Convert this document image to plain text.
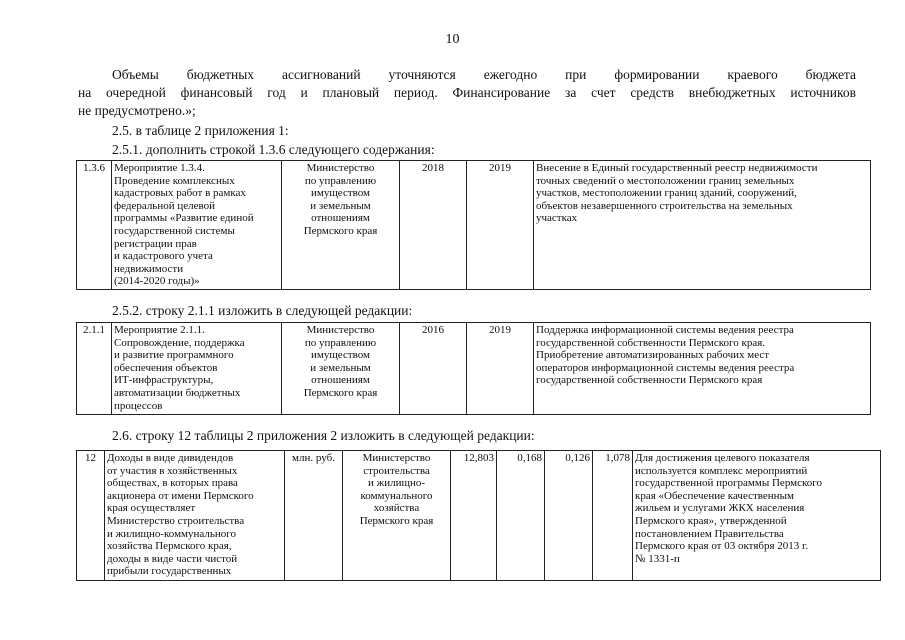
10
Объемы бюджетных ассигнований уточняются ежегодно при формировании краевого бюджета
на очередной финансовый год и плановый период. Финансирование за счет средств внебюджетных источников
не предусмотрено.»;
2.5. в таблице 2 приложения 1:
2.5.1. дополнить строкой 1.3.6 следующего содержания:
1.3.6	Мероприятие 1.3.4.
Проведение комплексных
кадастровых работ в рамках
федеральной целевой
программы «Развитие единой
государственной системы
регистрации прав
и кадастрового учета
недвижимости
(2014-2020 годы)»	Министерство
по управлению
имуществом
и земельным
отношениям
Пермского края	2018	2019	Внесение в Единый государственный реестр недвижимости
точных сведений о местоположении границ земельных
участков, местоположении границ зданий, сооружений,
объектов незавершенного строительства на земельных
участках
2.5.2. строку 2.1.1 изложить в следующей редакции:
2.1.1	Мероприятие 2.1.1.
Сопровождение, поддержка
и развитие программного
обеспечения объектов
ИТ-инфраструктуры,
автоматизации бюджетных
процессов	Министерство
по управлению
имуществом
и земельным
отношениям
Пермского края	2016	2019	Поддержка информационной системы ведения реестра
государственной собственности Пермского края.
Приобретение автоматизированных рабочих мест
операторов информационной системы ведения реестра
государственной собственности Пермского края
2.6. строку 12 таблицы 2 приложения 2 изложить в следующей редакции:
12	Доходы в виде дивидендов
от участия в хозяйственных
обществах, в которых права
акционера от имени Пермского
края осуществляет
Министерство строительства
и жилищно-коммунального
хозяйства Пермского края,
доходы в виде части чистой
прибыли государственных	млн. руб.	Министерство
строительства
и жилищно-
коммунального
хозяйства
Пермского края	12,803	0,168	0,126	1,078	Для достижения целевого показателя
используется комплекс мероприятий
государственной программы Пермского
края «Обеспечение качественным
жильем и услугами ЖКХ населения
Пермского края», утвержденной
постановлением Правительства
Пермского края от 03 октября 2013 г.
№ 1331-п
